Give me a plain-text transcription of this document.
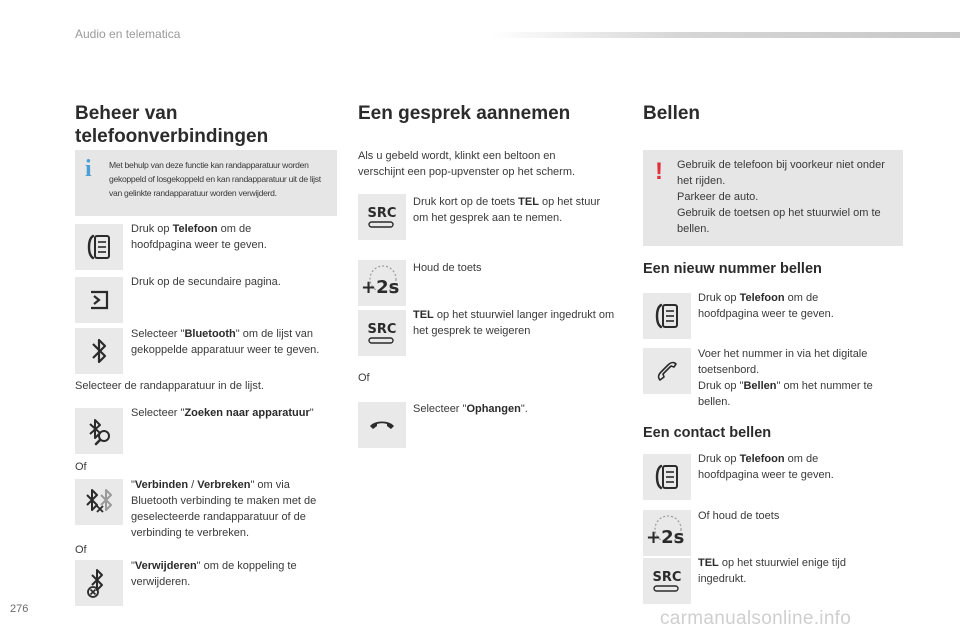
Audio en telematica
Beheer van
telefoonverbindingen
i Met behulp van deze functie kan randapparatuur worden gekoppeld of losgekoppeld en kan randapparatuur uit de lijst van gelinkte randapparatuur worden verwijderd.
Druk op Telefoon om de hoofdpagina weer te geven.
Druk op de secundaire pagina.
Selecteer "Bluetooth" om de lijst van gekoppelde apparatuur weer te geven.
Selecteer de randapparatuur in de lijst.
Selecteer "Zoeken naar apparatuur"
Of
"Verbinden / Verbreken" om via Bluetooth verbinding te maken met de geselecteerde randapparatuur of de verbinding te verbreken.
Of
"Verwijderen" om de koppeling te verwijderen.
Een gesprek aannemen
Als u gebeld wordt, klinkt een beltoon en verschijnt een pop-upvenster op het scherm.
SRC
Druk kort op de toets TEL op het stuur om het gesprek aan te nemen.
+2s
Houd de toets
SRC
TEL op het stuurwiel langer ingedrukt om het gesprek te weigeren
Of
Selecteer "Ophangen".
Bellen
! Gebruik de telefoon bij voorkeur niet onder het rijden.
Parkeer de auto.
Gebruik de toetsen op het stuurwiel om te bellen.
Een nieuw nummer bellen
Druk op Telefoon om de hoofdpagina weer te geven.
Voer het nummer in via het digitale toetsenbord.
Druk op "Bellen" om het nummer te bellen.
Een contact bellen
Druk op Telefoon om de hoofdpagina weer te geven.
+2s
Of houd de toets
SRC
TEL op het stuurwiel enige tijd ingedrukt.
276	carmanualsonline.info
